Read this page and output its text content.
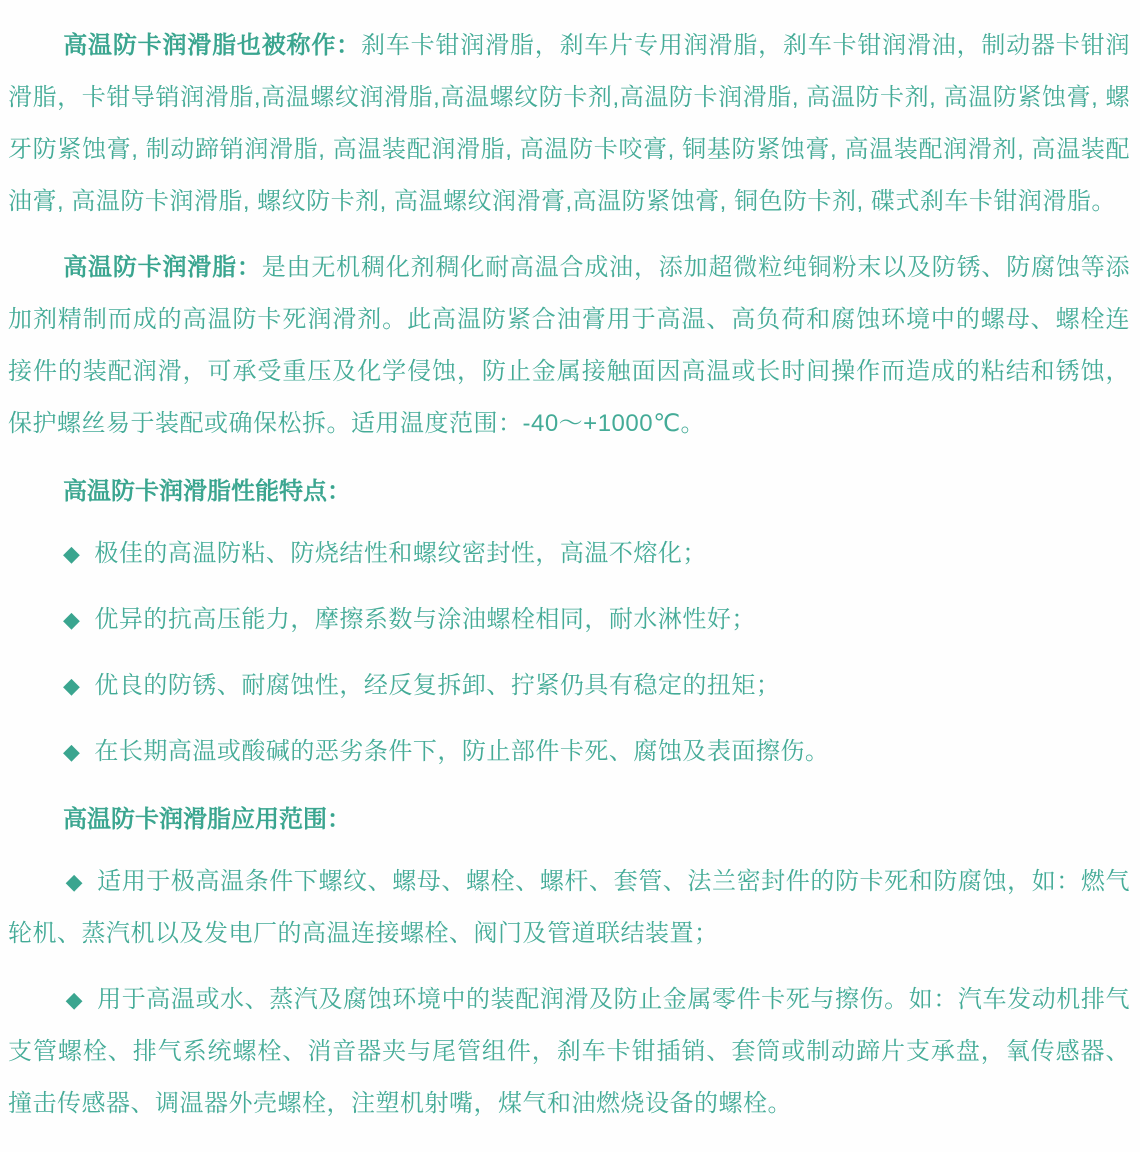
高温防卡润滑脂也被称作：刹车卡钳润滑脂，刹车片专用润滑脂，刹车卡钳润滑油，制动器卡钳润滑脂，卡钳导销润滑脂,高温螺纹润滑脂,高温螺纹防卡剂,高温防卡润滑脂, 高温防卡剂, 高温防紧蚀膏, 螺牙防紧蚀膏, 制动蹄销润滑脂, 高温装配润滑脂, 高温防卡咬膏, 铜基防紧蚀膏, 高温装配润滑剂, 高温装配油膏, 高温防卡润滑脂, 螺纹防卡剂, 高温螺纹润滑膏,高温防紧蚀膏, 铜色防卡剂, 碟式刹车卡钳润滑脂。

高温防卡润滑脂：是由无机稠化剂稠化耐高温合成油，添加超微粒纯铜粉末以及防锈、防腐蚀等添加剂精制而成的高温防卡死润滑剂。此高温防紧合油膏用于高温、高负荷和腐蚀环境中的螺母、螺栓连接件的装配润滑，可承受重压及化学侵蚀，防止金属接触面因高温或长时间操作而造成的粘结和锈蚀，保护螺丝易于装配或确保松拆。适用温度范围：-40～+1000℃。

高温防卡润滑脂性能特点：

◆ 极佳的高温防粘、防烧结性和螺纹密封性，高温不熔化；

◆ 优异的抗高压能力，摩擦系数与涂油螺栓相同，耐水淋性好；

◆ 优良的防锈、耐腐蚀性，经反复拆卸、拧紧仍具有稳定的扭矩；

◆ 在长期高温或酸碱的恶劣条件下，防止部件卡死、腐蚀及表面擦伤。

高温防卡润滑脂应用范围：

◆ 适用于极高温条件下螺纹、螺母、螺栓、螺杆、套管、法兰密封件的防卡死和防腐蚀，如：燃气轮机、蒸汽机以及发电厂的高温连接螺栓、阀门及管道联结装置；

◆ 用于高温或水、蒸汽及腐蚀环境中的装配润滑及防止金属零件卡死与擦伤。如：汽车发动机排气支管螺栓、排气系统螺栓、消音器夹与尾管组件，刹车卡钳插销、套筒或制动蹄片支承盘，氧传感器、撞击传感器、调温器外壳螺栓，注塑机射嘴，煤气和油燃烧设备的螺栓。
